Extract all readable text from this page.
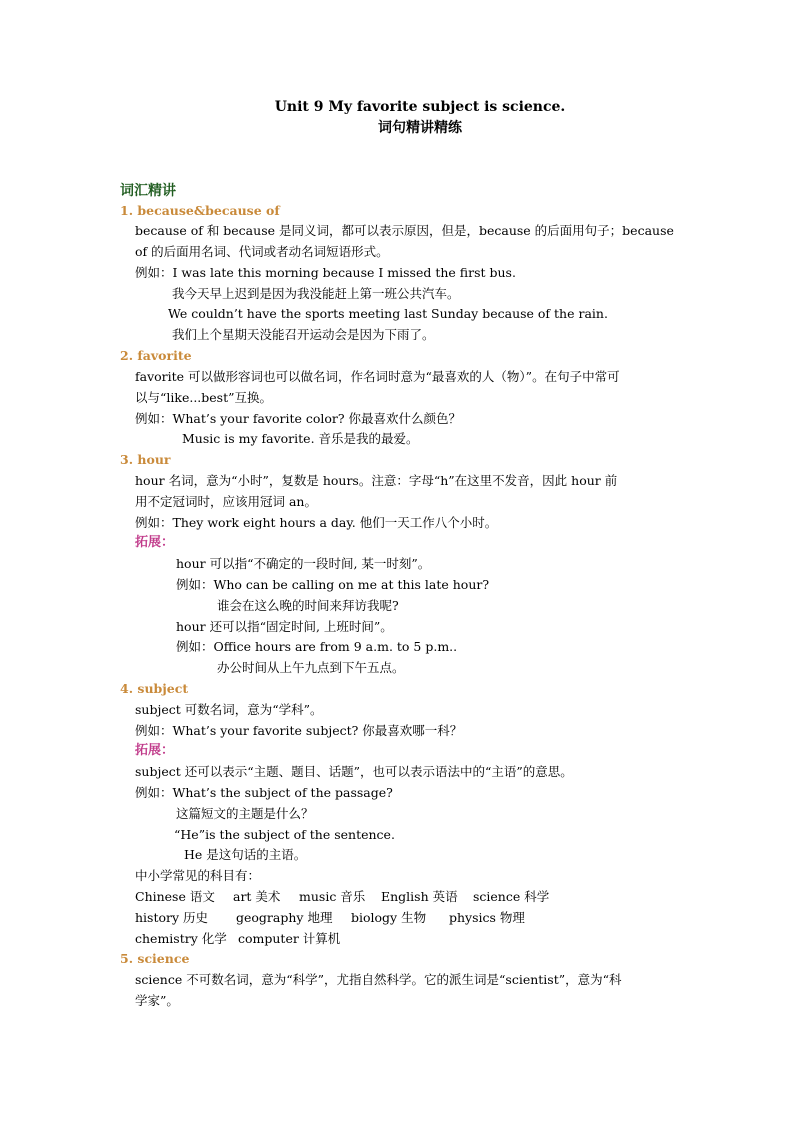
Unit 9 My favorite subject is science.
词句精讲精练
词汇精讲
1. because&because of
because of 和 because 是同义词，都可以表示原因，但是，because 的后面用句子；because
of 的后面用名词、代词或者动名词短语形式。
例如：I was late this morning because I missed the first bus.
我今天早上迟到是因为我没能赶上第一班公共汽车。
We couldn’t have the sports meeting last Sunday because of the rain.
我们上个星期天没能召开运动会是因为下雨了。
2. favorite
favorite 可以做形容词也可以做名词，作名词时意为“最喜欢的人（物）”。在句子中常可
以与“like...best”互换。
例如：What’s your favorite color? 你最喜欢什么颜色？
Music is my favorite. 音乐是我的最爱。
3. hour
hour 名词，意为“小时”，复数是 hours。注意：字母“h”在这里不发音，因此 hour 前
用不定冠词时，应该用冠词 an。
例如：They work eight hours a day. 他们一天工作八个小时。
拓展：
hour 可以指“不确定的一段时间, 某一时刻”。
例如：Who can be calling on me at this late hour?
谁会在这么晚的时间来拜访我呢?
hour 还可以指“固定时间, 上班时间”。
例如：Office hours are from 9 a.m. to 5 p.m..
办公时间从上午九点到下午五点。
4. subject
subject 可数名词，意为“学科”。
例如：What’s your favorite subject? 你最喜欢哪一科？
拓展：
subject 还可以表示“主题、题目、话题”，也可以表示语法中的“主语”的意思。
例如：What’s the subject of the passage?
这篇短文的主题是什么？
“He”is the subject of the sentence.
He 是这句话的主语。
中小学常见的科目有：
Chinese 语文 art 美术 music 音乐 English 英语 science 科学
history 历史 geography 地理 biology 生物 physics 物理
chemistry 化学 computer 计算机
5. science
science 不可数名词，意为“科学”，尤指自然科学。它的派生词是“scientist”，意为“科
学家”。
